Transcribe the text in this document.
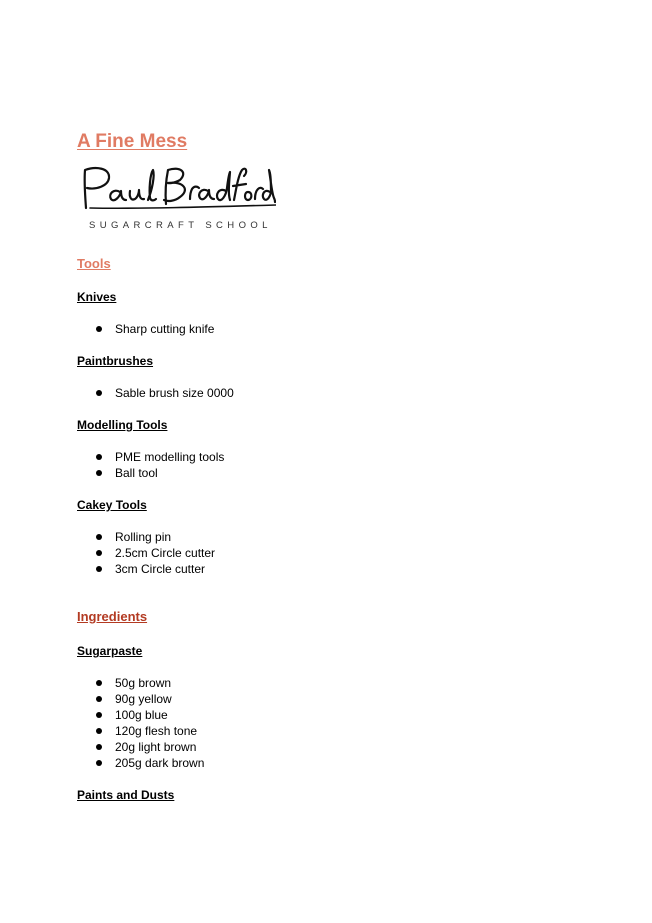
A Fine Mess
SUGARCRAFT SCHOOL
Tools
Knives
Sharp cutting knife
Paintbrushes
Sable brush size 0000
Modelling Tools
PME modelling tools
Ball tool
Cakey Tools
Rolling pin
2.5cm Circle cutter
3cm Circle cutter
Ingredients
Sugarpaste
50g brown
90g yellow
100g blue
120g flesh tone
20g light brown
205g dark brown
Paints and Dusts
